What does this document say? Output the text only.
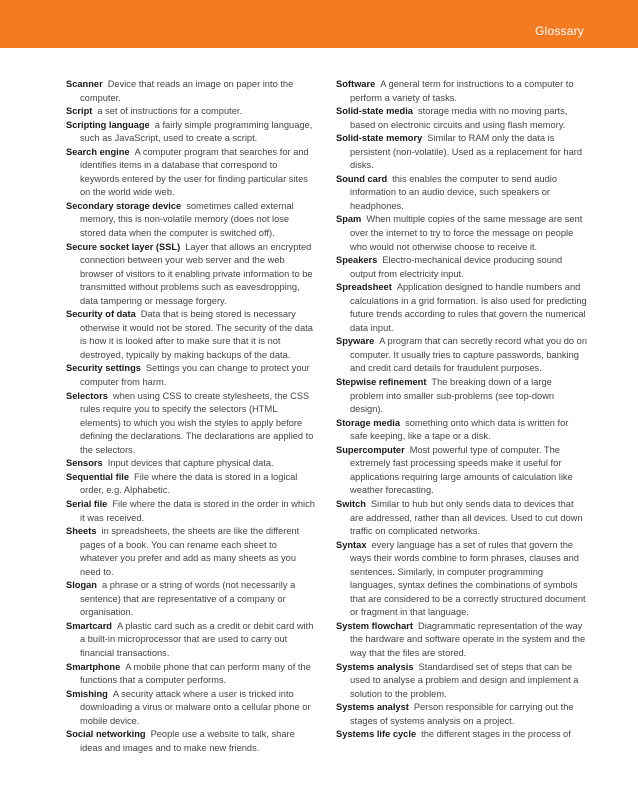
Glossary
Scanner Device that reads an image on paper into the computer.
Script a set of instructions for a computer.
Scripting language a fairly simple programming language, such as JavaScript, used to create a script.
Search engine A computer program that searches for and identifies items in a database that correspond to keywords entered by the user for finding particular sites on the world wide web.
Secondary storage device sometimes called external memory, this is non-volatile memory (does not lose stored data when the computer is switched off).
Secure socket layer (SSL) Layer that allows an encrypted connection between your web server and the web browser of visitors to it enabling private information to be transmitted without problems such as eavesdropping, data tampering or message forgery.
Security of data Data that is being stored is necessary otherwise it would not be stored. The security of the data is how it is looked after to make sure that it is not destroyed, typically by making backups of the data.
Security settings Settings you can change to protect your computer from harm.
Selectors when using CSS to create stylesheets, the CSS rules require you to specify the selectors (HTML elements) to which you wish the styles to apply before defining the declarations. The declarations are applied to the selectors.
Sensors Input devices that capture physical data.
Sequential file File where the data is stored in a logical order, e.g. Alphabetic.
Serial file File where the data is stored in the order in which it was received.
Sheets in spreadsheets, the sheets are like the different pages of a book. You can rename each sheet to whatever you prefer and add as many sheets as you need to.
Slogan a phrase or a string of words (not necessarily a sentence) that are representative of a company or organisation.
Smartcard A plastic card such as a credit or debit card with a built-in microprocessor that are used to carry out financial transactions.
Smartphone A mobile phone that can perform many of the functions that a computer performs.
Smishing A security attack where a user is tricked into downloading a virus or malware onto a cellular phone or mobile device.
Social networking People use a website to talk, share ideas and images and to make new friends.
Software A general term for instructions to a computer to perform a variety of tasks.
Solid-state media storage media with no moving parts, based on electronic circuits and using flash memory.
Solid-state memory Similar to RAM only the data is persistent (non-volatile). Used as a replacement for hard disks.
Sound card this enables the computer to send audio information to an audio device, such speakers or headphones.
Spam When multiple copies of the same message are sent over the internet to try to force the message on people who would not otherwise choose to receive it.
Speakers Electro-mechanical device producing sound output from electricity input.
Spreadsheet Application designed to handle numbers and calculations in a grid formation. Is also used for predicting future trends according to rules that govern the numerical data input.
Spyware A program that can secretly record what you do on computer. It usually tries to capture passwords, banking and credit card details for fraudulent purposes.
Stepwise refinement The breaking down of a large problem into smaller sub-problems (see top-down design).
Storage media something onto which data is written for safe keeping, like a tape or a disk.
Supercomputer Most powerful type of computer. The extremely fast processing speeds make it useful for applications requiring large amounts of calculation like weather forecasting.
Switch Similar to hub but only sends data to devices that are addressed, rather than all devices. Used to cut down traffic on complicated networks.
Syntax every language has a set of rules that govern the ways their words combine to form phrases, clauses and sentences. Similarly, in computer programming languages, syntax defines the combinations of symbols that are considered to be a correctly structured document or fragment in that language.
System flowchart Diagrammatic representation of the way the hardware and software operate in the system and the way that the files are stored.
Systems analysis Standardised set of steps that can be used to analyse a problem and design and implement a solution to the problem.
Systems analyst Person responsible for carrying out the stages of systems analysis on a project.
Systems life cycle the different stages in the process of
